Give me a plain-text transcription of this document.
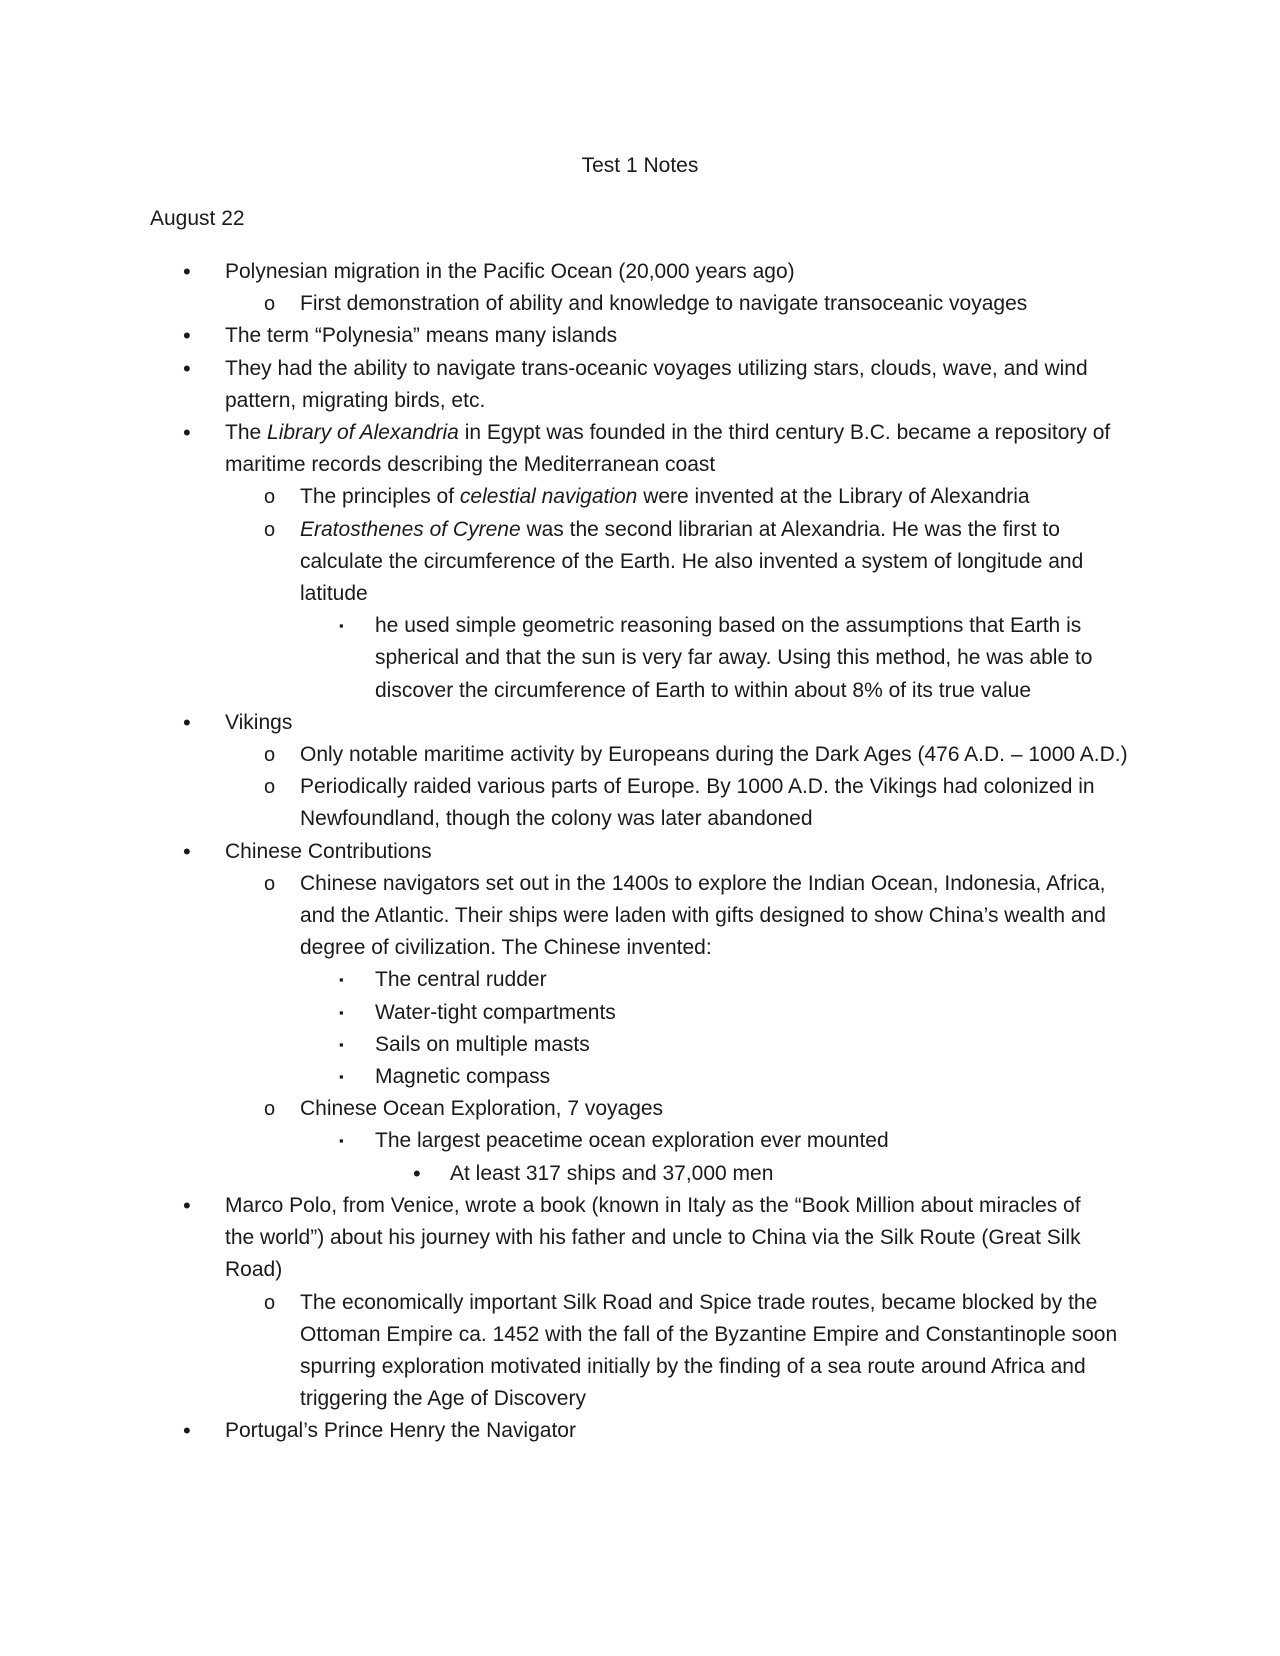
Test 1 Notes
August 22
• Polynesian migration in the Pacific Ocean (20,000 years ago)
o First demonstration of ability and knowledge to navigate transoceanic voyages
• The term “Polynesia” means many islands
• They had the ability to navigate trans-oceanic voyages utilizing stars, clouds, wave, and wind pattern, migrating birds, etc.
• The Library of Alexandria in Egypt was founded in the third century B.C. became a repository of maritime records describing the Mediterranean coast
o The principles of celestial navigation were invented at the Library of Alexandria
o Eratosthenes of Cyrene was the second librarian at Alexandria. He was the first to calculate the circumference of the Earth. He also invented a system of longitude and latitude
▪ he used simple geometric reasoning based on the assumptions that Earth is spherical and that the sun is very far away. Using this method, he was able to discover the circumference of Earth to within about 8% of its true value
• Vikings
o Only notable maritime activity by Europeans during the Dark Ages (476 A.D. – 1000 A.D.)
o Periodically raided various parts of Europe. By 1000 A.D. the Vikings had colonized in Newfoundland, though the colony was later abandoned
• Chinese Contributions
o Chinese navigators set out in the 1400s to explore the Indian Ocean, Indonesia, Africa, and the Atlantic. Their ships were laden with gifts designed to show China’s wealth and degree of civilization. The Chinese invented:
▪ The central rudder
▪ Water-tight compartments
▪ Sails on multiple masts
▪ Magnetic compass
o Chinese Ocean Exploration, 7 voyages
▪ The largest peacetime ocean exploration ever mounted
• At least 317 ships and 37,000 men
• Marco Polo, from Venice, wrote a book (known in Italy as the “Book Million about miracles of the world”) about his journey with his father and uncle to China via the Silk Route (Great Silk Road)
o The economically important Silk Road and Spice trade routes, became blocked by the Ottoman Empire ca. 1452 with the fall of the Byzantine Empire and Constantinople soon spurring exploration motivated initially by the finding of a sea route around Africa and triggering the Age of Discovery
• Portugal’s Prince Henry the Navigator
